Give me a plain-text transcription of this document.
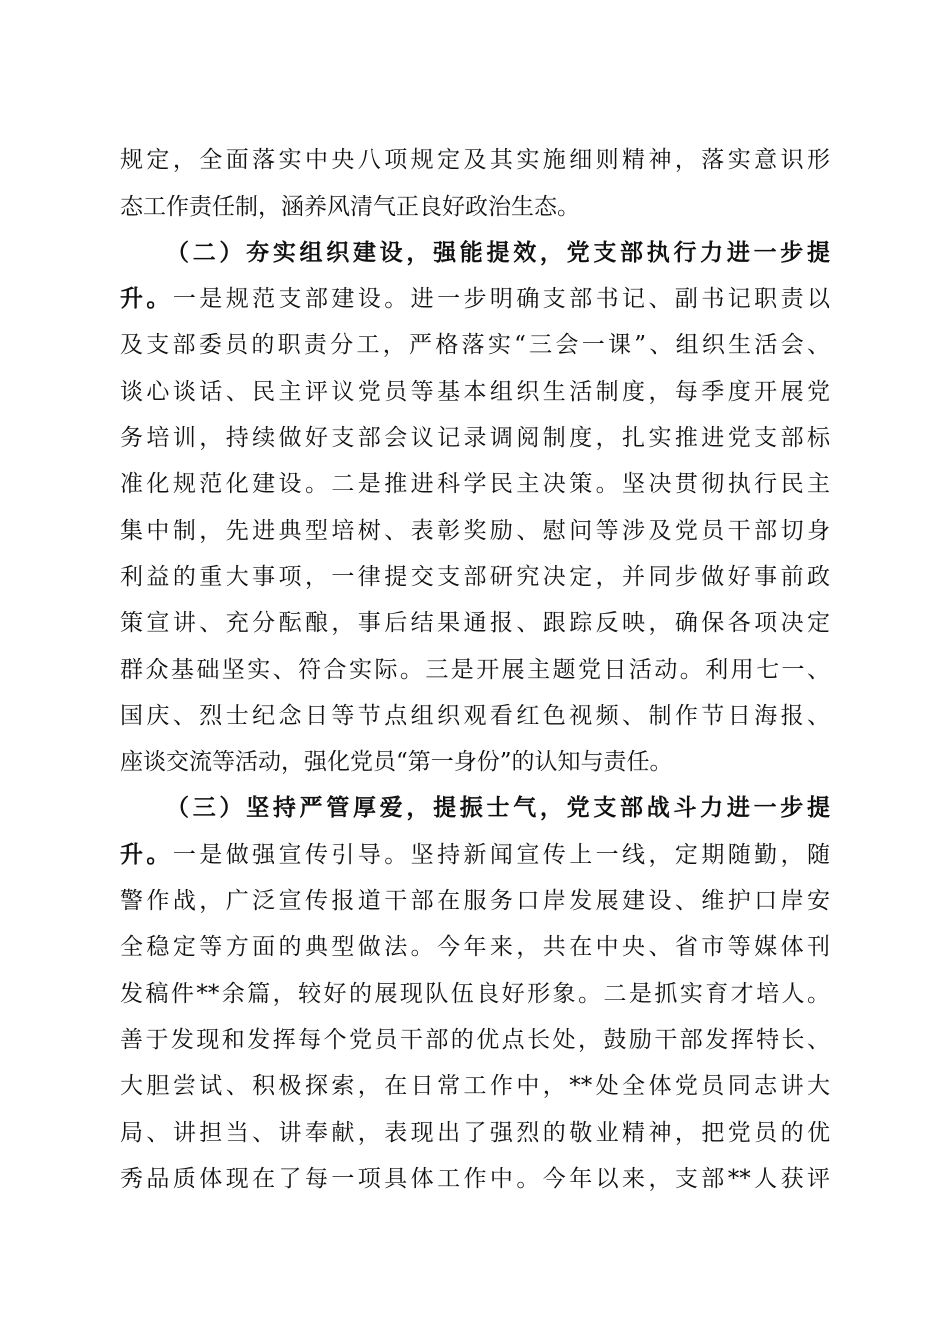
规定，全面落实中央八项规定及其实施细则精神，落实意识形
态工作责任制，涵养风清气正良好政治生态。
（二）夯实组织建设，强能提效，党支部执行力进一步提
升。一是规范支部建设。进一步明确支部书记、副书记职责以
及支部委员的职责分工，严格落实“三会一课”、组织生活会、
谈心谈话、民主评议党员等基本组织生活制度，每季度开展党
务培训，持续做好支部会议记录调阅制度，扎实推进党支部标
准化规范化建设。二是推进科学民主决策。坚决贯彻执行民主
集中制，先进典型培树、表彰奖励、慰问等涉及党员干部切身
利益的重大事项，一律提交支部研究决定，并同步做好事前政
策宣讲、充分酝酿，事后结果通报、跟踪反映，确保各项决定
群众基础坚实、符合实际。三是开展主题党日活动。利用七一、
国庆、烈士纪念日等节点组织观看红色视频、制作节日海报、
座谈交流等活动，强化党员“第一身份”的认知与责任。
（三）坚持严管厚爱，提振士气，党支部战斗力进一步提
升。一是做强宣传引导。坚持新闻宣传上一线，定期随勤，随
警作战，广泛宣传报道干部在服务口岸发展建设、维护口岸安
全稳定等方面的典型做法。今年来，共在中央、省市等媒体刊
发稿件**余篇，较好的展现队伍良好形象。二是抓实育才培人。
善于发现和发挥每个党员干部的优点长处，鼓励干部发挥特长、
大胆尝试、积极探索，在日常工作中，**处全体党员同志讲大
局、讲担当、讲奉献，表现出了强烈的敬业精神，把党员的优
秀品质体现在了每一项具体工作中。今年以来，支部**人获评
